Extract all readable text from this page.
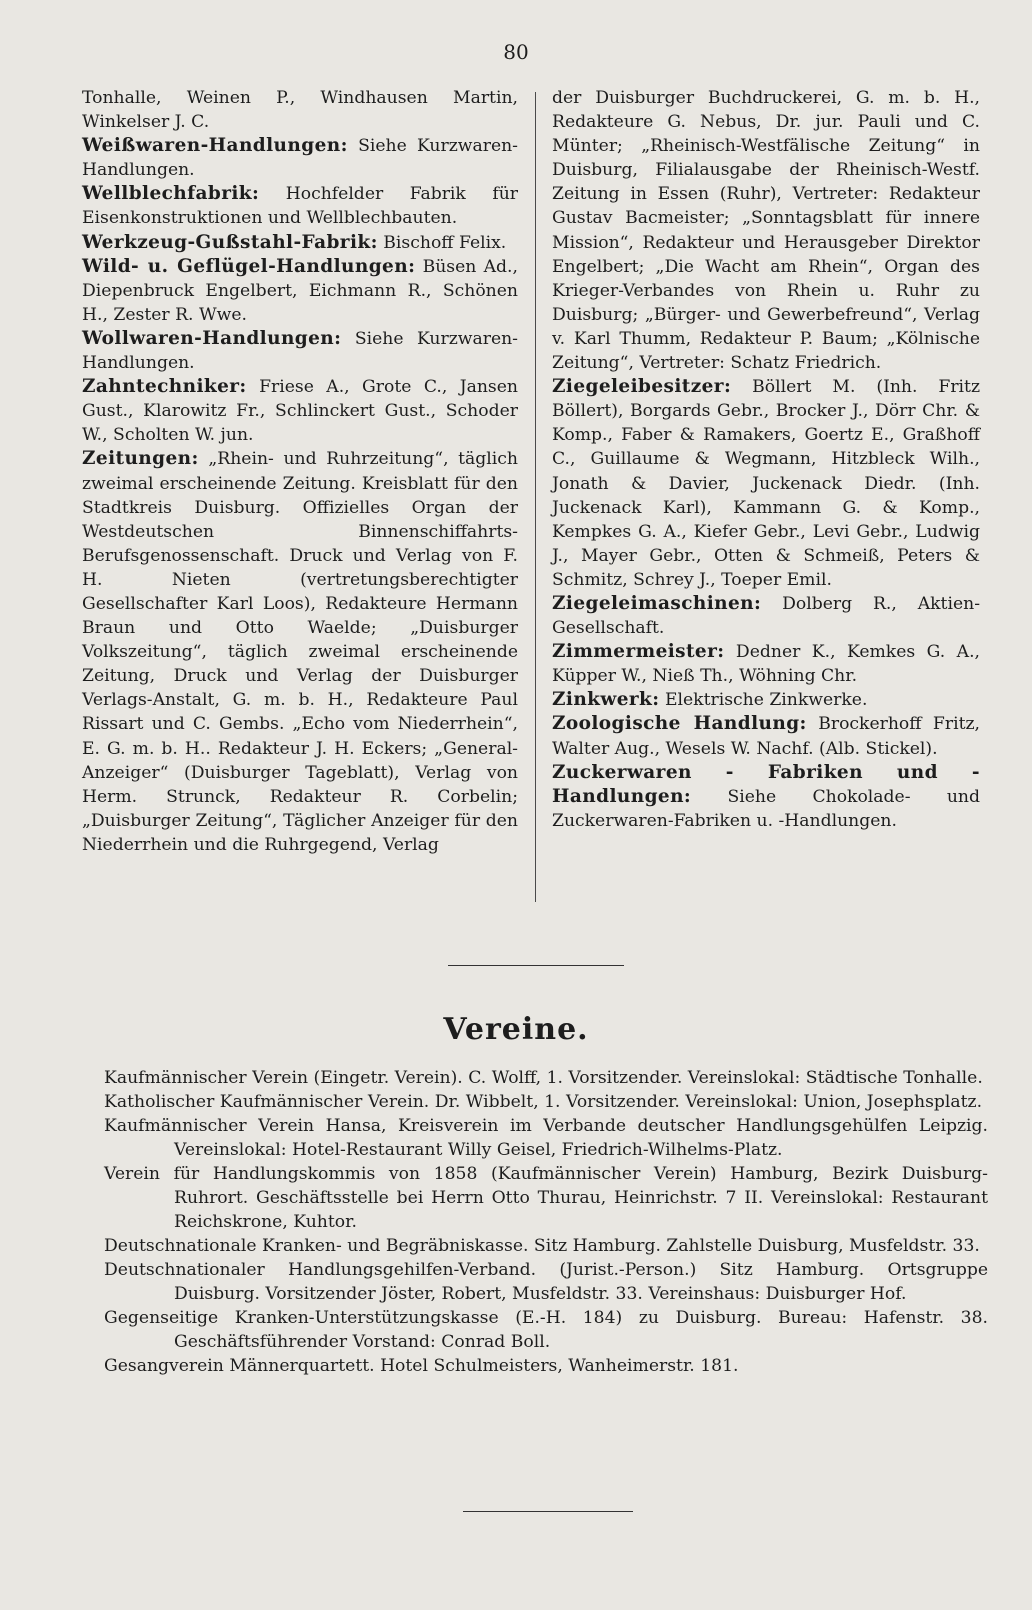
80

Tonhalle, Weinen P., Windhausen Martin, Winkelser J. C.

Weißwaren-Handlungen: Siehe Kurzwaren-Handlungen.

Wellblechfabrik: Hochfelder Fabrik für Eisenkonstruktionen und Wellblechbauten.

Werkzeug-Gußstahl-Fabrik: Bischoff Felix.

Wild- u. Geflügel-Handlungen: Büsen Ad., Diepenbruck Engelbert, Eichmann R., Schönen H., Zester R. Wwe.

Wollwaren-Handlungen: Siehe Kurzwaren-Handlungen.

Zahntechniker: Friese A., Grote C., Jansen Gust., Klarowitz Fr., Schlinckert Gust., Schoder W., Scholten W. jun.

Zeitungen: „Rhein- und Ruhrzeitung“, täglich zweimal erscheinende Zeitung. Kreisblatt für den Stadtkreis Duisburg. Offizielles Organ der Westdeutschen Binnenschiffahrts-Berufsgenossenschaft. Druck und Verlag von F. H. Nieten (vertretungsberechtigter Gesellschafter Karl Loos), Redakteure Hermann Braun und Otto Waelde; „Duisburger Volkszeitung“, täglich zweimal erscheinende Zeitung, Druck und Verlag der Duisburger Verlags-Anstalt, G. m. b. H., Redakteure Paul Rissart und C. Gembs. „Echo vom Niederrhein“, E. G. m. b. H.. Redakteur J. H. Eckers; „General-Anzeiger“ (Duisburger Tageblatt), Verlag von Herm. Strunck, Redakteur R. Corbelin; „Duisburger Zeitung“, Täglicher Anzeiger für den Niederrhein und die Ruhrgegend, Verlag

der Duisburger Buchdruckerei, G. m. b. H., Redakteure G. Nebus, Dr. jur. Pauli und C. Münter; „Rheinisch-Westfälische Zeitung“ in Duisburg, Filialausgabe der Rheinisch-Westf. Zeitung in Essen (Ruhr), Vertreter: Redakteur Gustav Bacmeister; „Sonntagsblatt für innere Mission“, Redakteur und Herausgeber Direktor Engelbert; „Die Wacht am Rhein“, Organ des Krieger-Verbandes von Rhein u. Ruhr zu Duisburg; „Bürger- und Gewerbefreund“, Verlag v. Karl Thumm, Redakteur P. Baum; „Kölnische Zeitung“, Vertreter: Schatz Friedrich.

Ziegeleibesitzer: Böllert M. (Inh. Fritz Böllert), Borgards Gebr., Brocker J., Dörr Chr. & Komp., Faber & Ramakers, Goertz E., Graßhoff C., Guillaume & Wegmann, Hitzbleck Wilh., Jonath & Davier, Juckenack Diedr. (Inh. Juckenack Karl), Kammann G. & Komp., Kempkes G. A., Kiefer Gebr., Levi Gebr., Ludwig J., Mayer Gebr., Otten & Schmeiß, Peters & Schmitz, Schrey J., Toeper Emil.

Ziegeleimaschinen: Dolberg R., Aktien-Gesellschaft.

Zimmermeister: Dedner K., Kemkes G. A., Küpper W., Nieß Th., Wöhning Chr.

Zinkwerk: Elektrische Zinkwerke.

Zoologische Handlung: Brockerhoff Fritz, Walter Aug., Wesels W. Nachf. (Alb. Stickel).

Zuckerwaren - Fabriken und -Handlungen: Siehe Chokolade- und Zuckerwaren-Fabriken u. -Handlungen.

Vereine.

Kaufmännischer Verein (Eingetr. Verein). C. Wolff, 1. Vorsitzender. Vereinslokal: Städtische Tonhalle.

Katholischer Kaufmännischer Verein. Dr. Wibbelt, 1. Vorsitzender. Vereinslokal: Union, Josephsplatz.

Kaufmännischer Verein Hansa, Kreisverein im Verbande deutscher Handlungsgehülfen Leipzig. Vereinslokal: Hotel-Restaurant Willy Geisel, Friedrich-Wilhelms-Platz.

Verein für Handlungskommis von 1858 (Kaufmännischer Verein) Hamburg, Bezirk Duisburg-Ruhrort. Geschäftsstelle bei Herrn Otto Thurau, Heinrichstr. 7 II. Vereinslokal: Restaurant Reichskrone, Kuhtor.

Deutschnationale Kranken- und Begräbniskasse. Sitz Hamburg. Zahlstelle Duisburg, Musfeldstr. 33.

Deutschnationaler Handlungsgehilfen-Verband. (Jurist.-Person.) Sitz Hamburg. Ortsgruppe Duisburg. Vorsitzender Jöster, Robert, Musfeldstr. 33. Vereinshaus: Duisburger Hof.

Gegenseitige Kranken-Unterstützungskasse (E.-H. 184) zu Duisburg. Bureau: Hafenstr. 38. Geschäftsführender Vorstand: Conrad Boll.

Gesangverein Männerquartett. Hotel Schulmeisters, Wanheimerstr. 181.
